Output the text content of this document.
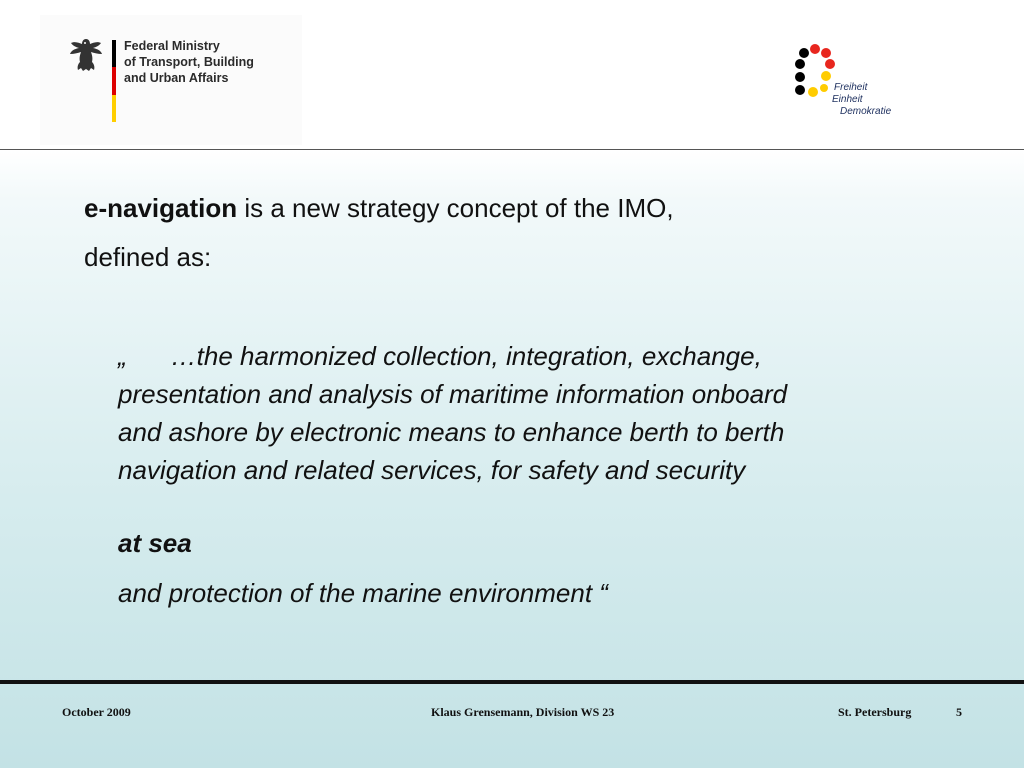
Federal Ministry
of Transport, Building
and Urban Affairs
Freiheit
Einheit
Demokratie
e-navigation is a new strategy concept of the IMO,
defined as:
„ …the harmonized collection, integration, exchange,
presentation and analysis of maritime information onboard
and ashore by electronic means to enhance berth to berth
navigation and related services, for safety and security
at sea
and protection of the marine environment “
October 2009	Klaus Grensemann, Division WS 23	St. Petersburg	5
